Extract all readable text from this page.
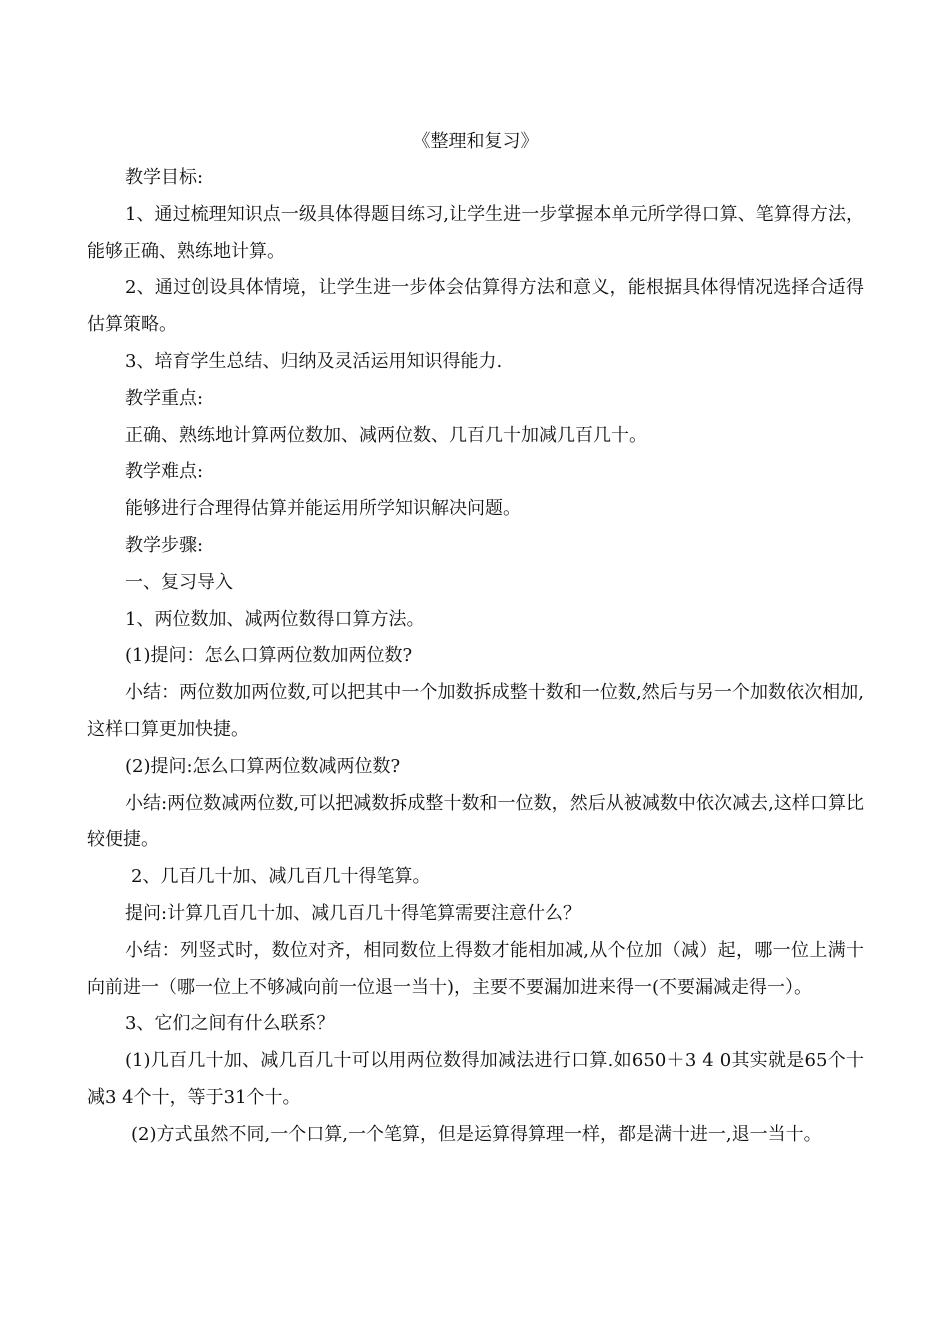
《整理和复习》

教学目标:

1、通过梳理知识点一级具体得题目练习,让学生进一步掌握本单元所学得口算、笔算得方法，能够正确、熟练地计算。

2、通过创设具体情境，让学生进一步体会估算得方法和意义，能根据具体得情况选择合适得估算策略。

3、培育学生总结、归纳及灵活运用知识得能力.

教学重点:

正确、熟练地计算两位数加、减两位数、几百几十加减几百几十。

教学难点:

能够进行合理得估算并能运用所学知识解决问题。

教学步骤:

一、复习导入

1、两位数加、减两位数得口算方法。

(1)提问：怎么口算两位数加两位数?

小结：两位数加两位数,可以把其中一个加数拆成整十数和一位数,然后与另一个加数依次相加,这样口算更加快捷。

(2)提问:怎么口算两位数减两位数?

小结:两位数减两位数,可以把减数拆成整十数和一位数，然后从被减数中依次减去,这样口算比较便捷。

2、几百几十加、减几百几十得笔算。

提问:计算几百几十加、减几百几十得笔算需要注意什么？

小结：列竖式时，数位对齐，相同数位上得数才能相加减,从个位加（减）起，哪一位上满十向前进一（哪一位上不够减向前一位退一当十)，主要不要漏加进来得一(不要漏减走得一）。

3、它们之间有什么联系？

(1)几百几十加、减几百几十可以用两位数得加减法进行口算.如650＋3 4 0其实就是65个十减3 4个十，等于31个十。

(2)方式虽然不同,一个口算,一个笔算，但是运算得算理一样，都是满十进一,退一当十。
